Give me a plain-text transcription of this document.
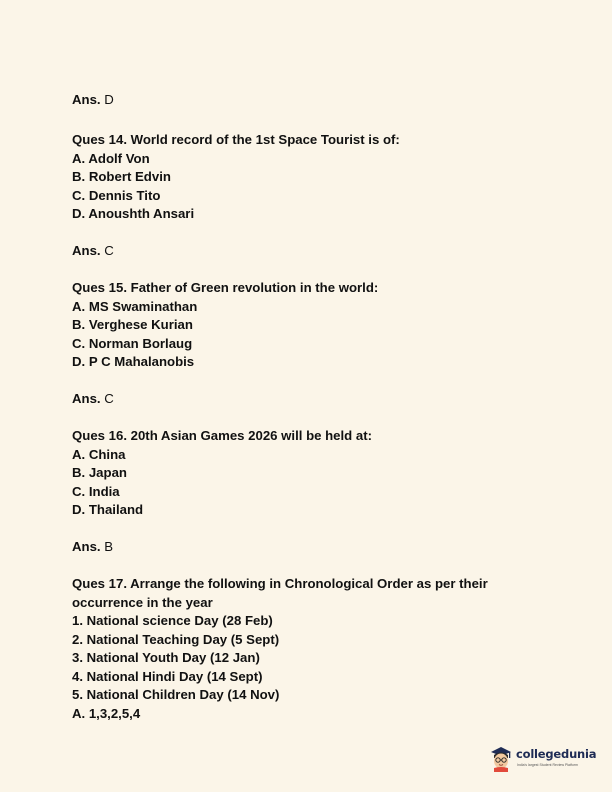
Ans. D

Ques 14. World record of the 1st Space Tourist is of:

A. Adolf Von

B. Robert Edvin

C. Dennis Tito

D. Anoushth Ansari

Ans. C

Ques 15. Father of Green revolution in the world:

A. MS Swaminathan

B. Verghese Kurian

C. Norman Borlaug

D. P C Mahalanobis

Ans. C

Ques 16. 20th Asian Games 2026 will be held at:

A. China

B. Japan

C. India

D. Thailand

Ans. B

Ques 17. Arrange the following in Chronological Order as per their

occurrence in the year

1. National science Day (28 Feb)

2. National Teaching Day (5 Sept)

3. National Youth Day (12 Jan)

4. National Hindi Day (14 Sept)

5. National Children Day (14 Nov)

A. 1,3,2,5,4

collegedunia
India's largest Student Review Platform
